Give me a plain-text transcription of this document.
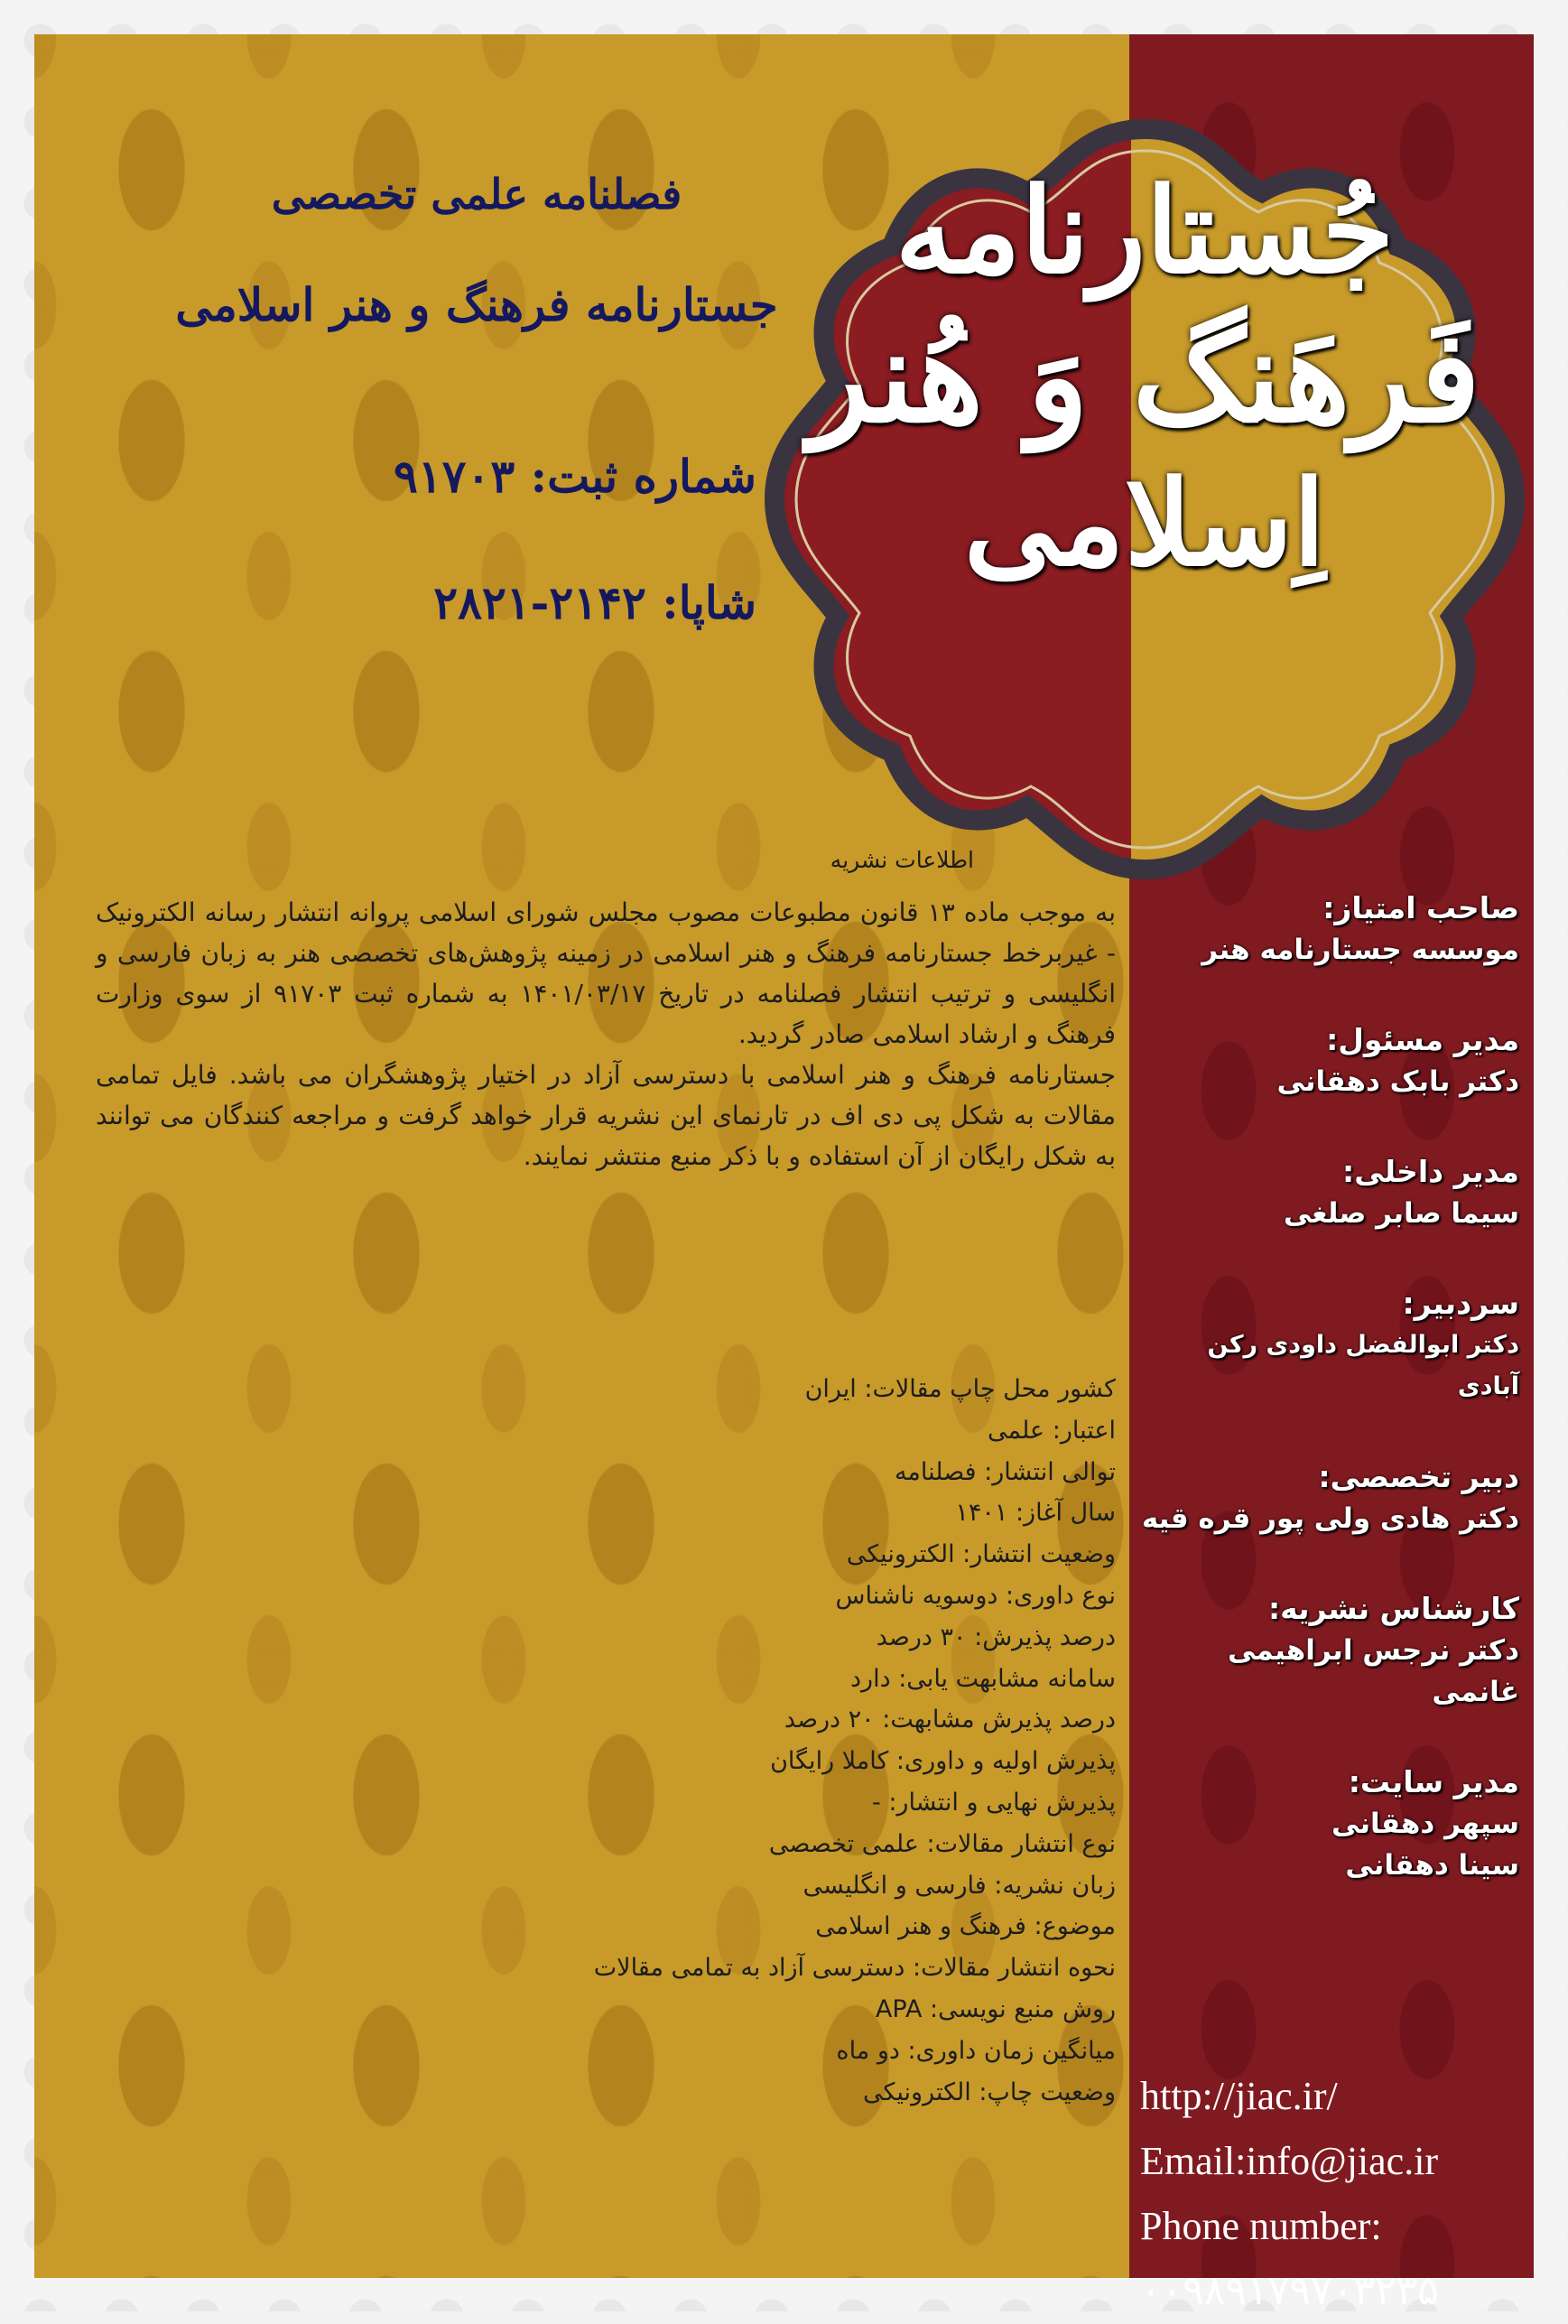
جُستارنامه
فَرهَنگ وَ هُنر
اِسلامی
فصلنامه علمی تخصصی
جستارنامه فرهنگ و هنر اسلامی
شماره ثبت: ۹۱۷۰۳
شاپا: ۲۱۴۲-۲۸۲۱
اطلاعات نشریه

به موجب ماده ۱۳ قانون مطبوعات مصوب مجلس شورای اسلامی پروانه انتشار رسانه الکترونیک - غیربرخط جستارنامه فرهنگ و هنر اسلامی در زمینه پژوهش‌های تخصصی هنر به زبان فارسی و انگلیسی و ترتیب انتشار فصلنامه در تاریخ ۱۴۰۱/۰۳/۱۷ به شماره ثبت ۹۱۷۰۳ از سوی وزارت فرهنگ و ارشاد اسلامی صادر گردید.

جستارنامه فرهنگ و هنر اسلامی با دسترسی آزاد در اختیار پژوهشگران می باشد. فایل تمامی مقالات به شکل پی دی اف در تارنمای این نشریه قرار خواهد گرفت و مراجعه کنندگان می توانند به شکل رایگان از آن استفاده و با ذکر منبع منتشر نمایند.

کشور محل چاپ مقالات: ایران
اعتبار: علمی
توالی انتشار: فصلنامه
سال آغاز: ۱۴۰۱
وضعیت انتشار: الکترونیکی
نوع داوری: دوسویه ناشناس
درصد پذیرش: ۳۰ درصد
سامانه مشابهت یابی: دارد
درصد پذیرش مشابهت: ۲۰ درصد
پذیرش اولیه و داوری: کاملا رایگان
پذیرش نهایی و انتشار: -
نوع انتشار مقالات: علمی تخصصی
زبان نشریه: فارسی و انگلیسی
موضوع: فرهنگ و هنر اسلامی
نحوه انتشار مقالات: دسترسی آزاد به تمامی مقالات
روش منبع نویسی: APA
میانگین زمان داوری: دو ماه
وضعیت چاپ: الکترونیکی
صاحب امتیاز:
موسسه جستارنامه هنر
مدیر مسئول:
دکتر بابک دهقانی
مدیر داخلی:
سیما صابر صلغی
سردبیر:
دکتر ابوالفضل داودی رکن آبادی
دبیر تخصصی:
دکتر هادی ولی پور قره قیه
کارشناس نشریه:
دکتر نرجس ابراهیمی غانمی
مدیر سایت:
سپهر دهقانی
سینا دهقانی
http://jiac.ir/
Email:info@jiac.ir
Phone number:
۰۰۹۸۹۱۷۹۷۰۳۲۳۵
